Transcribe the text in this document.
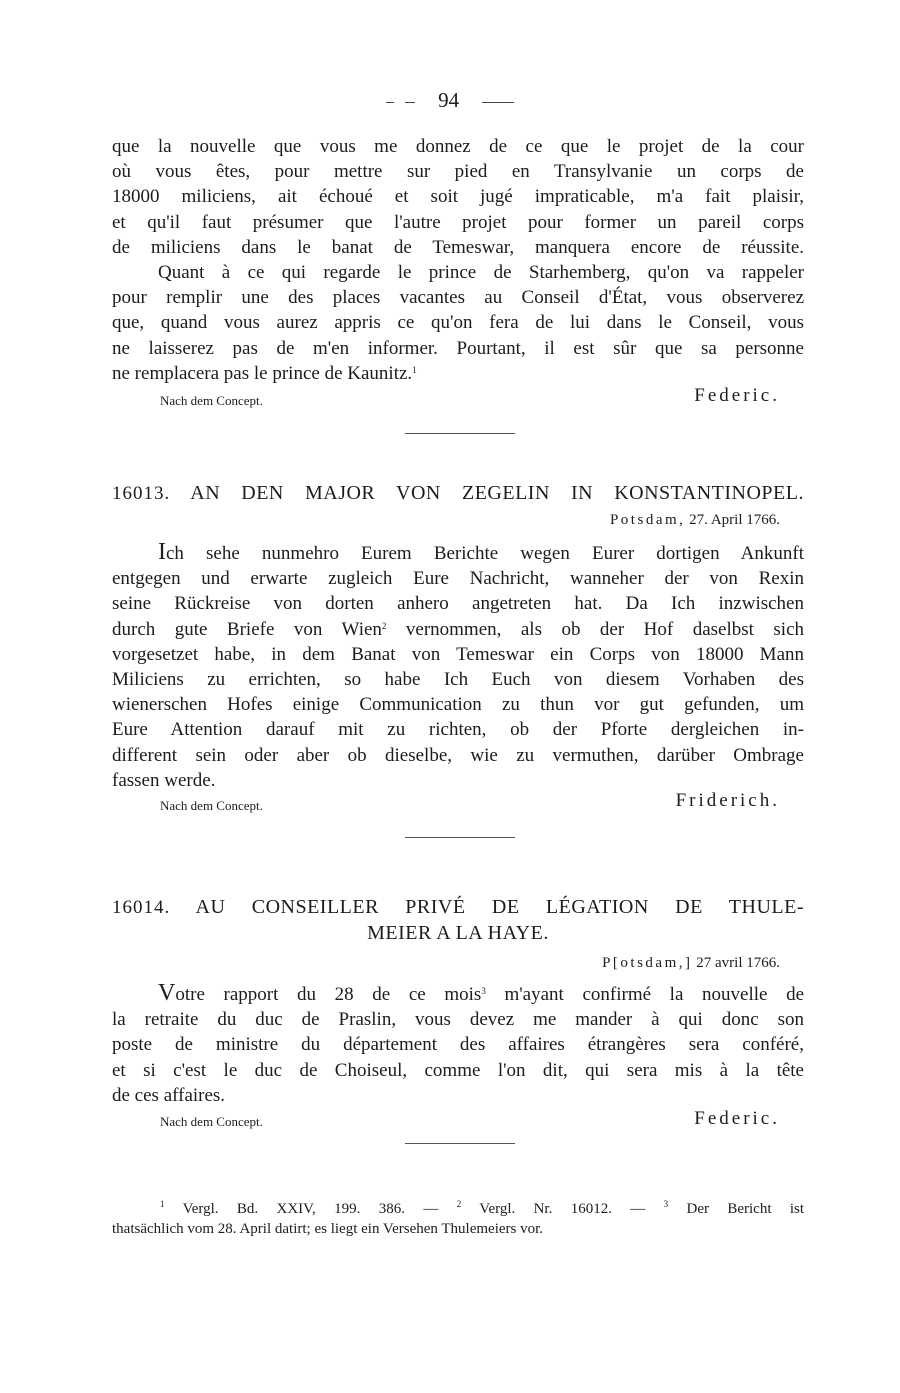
94
que la nouvelle que vous me donnez de ce que le projet de la cour
où vous êtes, pour mettre sur pied en Transylvanie un corps de
18000 miliciens, ait échoué et soit jugé impraticable, m'a fait plaisir,
et qu'il faut présumer que l'autre projet pour former un pareil corps
de miliciens dans le banat de Temeswar, manquera encore de réussite.
Quant à ce qui regarde le prince de Starhemberg, qu'on va rappeler
pour remplir une des places vacantes au Conseil d'État, vous observerez
que, quand vous aurez appris ce qu'on fera de lui dans le Conseil, vous
ne laisserez pas de m'en informer. Pourtant, il est sûr que sa personne
ne remplacera pas le prince de Kaunitz.$^1$
Nach dem Concept.	Federic.
16013. AN DEN MAJOR VON ZEGELIN IN KONSTANTINOPEL.
Potsdam, 27. April 1766.
Ich sehe nunmehro Eurem Berichte wegen Eurer dortigen Ankunft
entgegen und erwarte zugleich Eure Nachricht, wanneher der von Rexin
seine Rückreise von dorten anhero angetreten hat. Da Ich inzwischen
durch gute Briefe von Wien$^2$ vernommen, als ob der Hof daselbst sich
vorgesetzet habe, in dem Banat von Temeswar ein Corps von 18000 Mann
Miliciens zu errichten, so habe Ich Euch von diesem Vorhaben des
wienerschen Hofes einige Communication zu thun vor gut gefunden, um
Eure Attention darauf mit zu richten, ob der Pforte dergleichen in-
different sein oder aber ob dieselbe, wie zu vermuthen, darüber Ombrage
fassen werde.
Nach dem Concept.	Friderich.
16014. AU CONSEILLER PRIVÉ DE LÉGATION DE THULE-
MEIER A LA HAYE.
P[otsdam,] 27 avril 1766.
Votre rapport du 28 de ce mois$^3$ m'ayant confirmé la nouvelle de
la retraite du duc de Praslin, vous devez me mander à qui donc son
poste de ministre du département des affaires étrangères sera conféré,
et si c'est le duc de Choiseul, comme l'on dit, qui sera mis à la tête
de ces affaires.
Nach dem Concept.	Federic.
$^1$ Vergl. Bd. XXIV, 199. 386. — $^2$ Vergl. Nr. 16012. — $^3$ Der Bericht ist
thatsächlich vom 28. April datirt; es liegt ein Versehen Thulemeiers vor.
